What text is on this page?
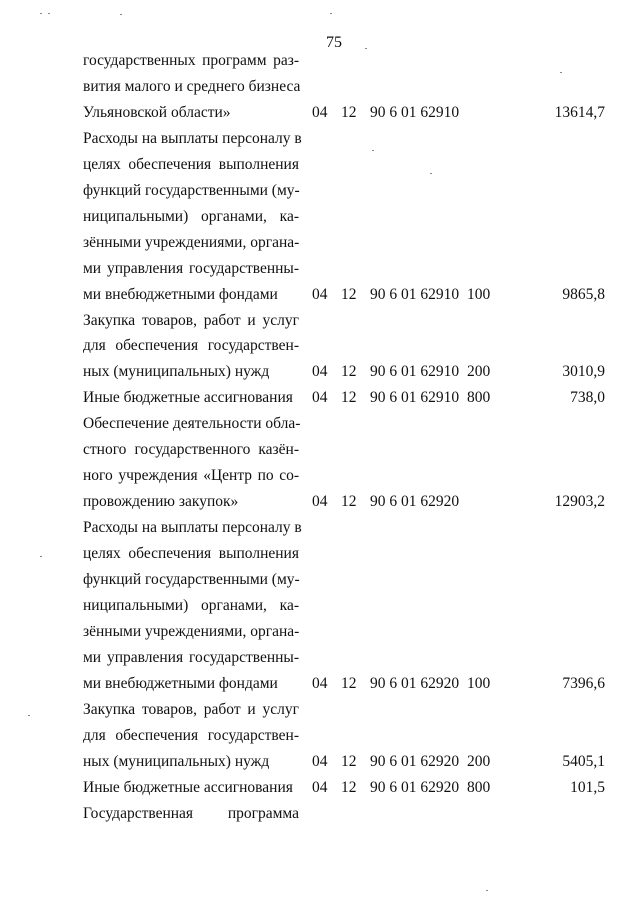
75
государственных программ раз-
вития малого и среднего бизнеса
Ульяновской области»	04 12 90 6 01 62910	13614,7
Расходы на выплаты персоналу в
целях обеспечения выполнения
функций государственными (му-
ниципальными) органами, ка-
зёнными учреждениями, органа-
ми управления государственны-
ми внебюджетными фондами	04 12 90 6 01 62910 100	9865,8
Закупка товаров, работ и услуг
для обеспечения государствен-
ных (муниципальных) нужд	04 12 90 6 01 62910 200	3010,9
Иные бюджетные ассигнования	04 12 90 6 01 62910 800	738,0
Обеспечение деятельности обла-
стного государственного казён-
ного учреждения «Центр по со-
провождению закупок»	04 12 90 6 01 62920	12903,2
Расходы на выплаты персоналу в
целях обеспечения выполнения
функций государственными (му-
ниципальными) органами, ка-
зёнными учреждениями, органа-
ми управления государственны-
ми внебюджетными фондами	04 12 90 6 01 62920 100	7396,6
Закупка товаров, работ и услуг
для обеспечения государствен-
ных (муниципальных) нужд	04 12 90 6 01 62920 200	5405,1
Иные бюджетные ассигнования	04 12 90 6 01 62920 800	101,5
Государственная программа
